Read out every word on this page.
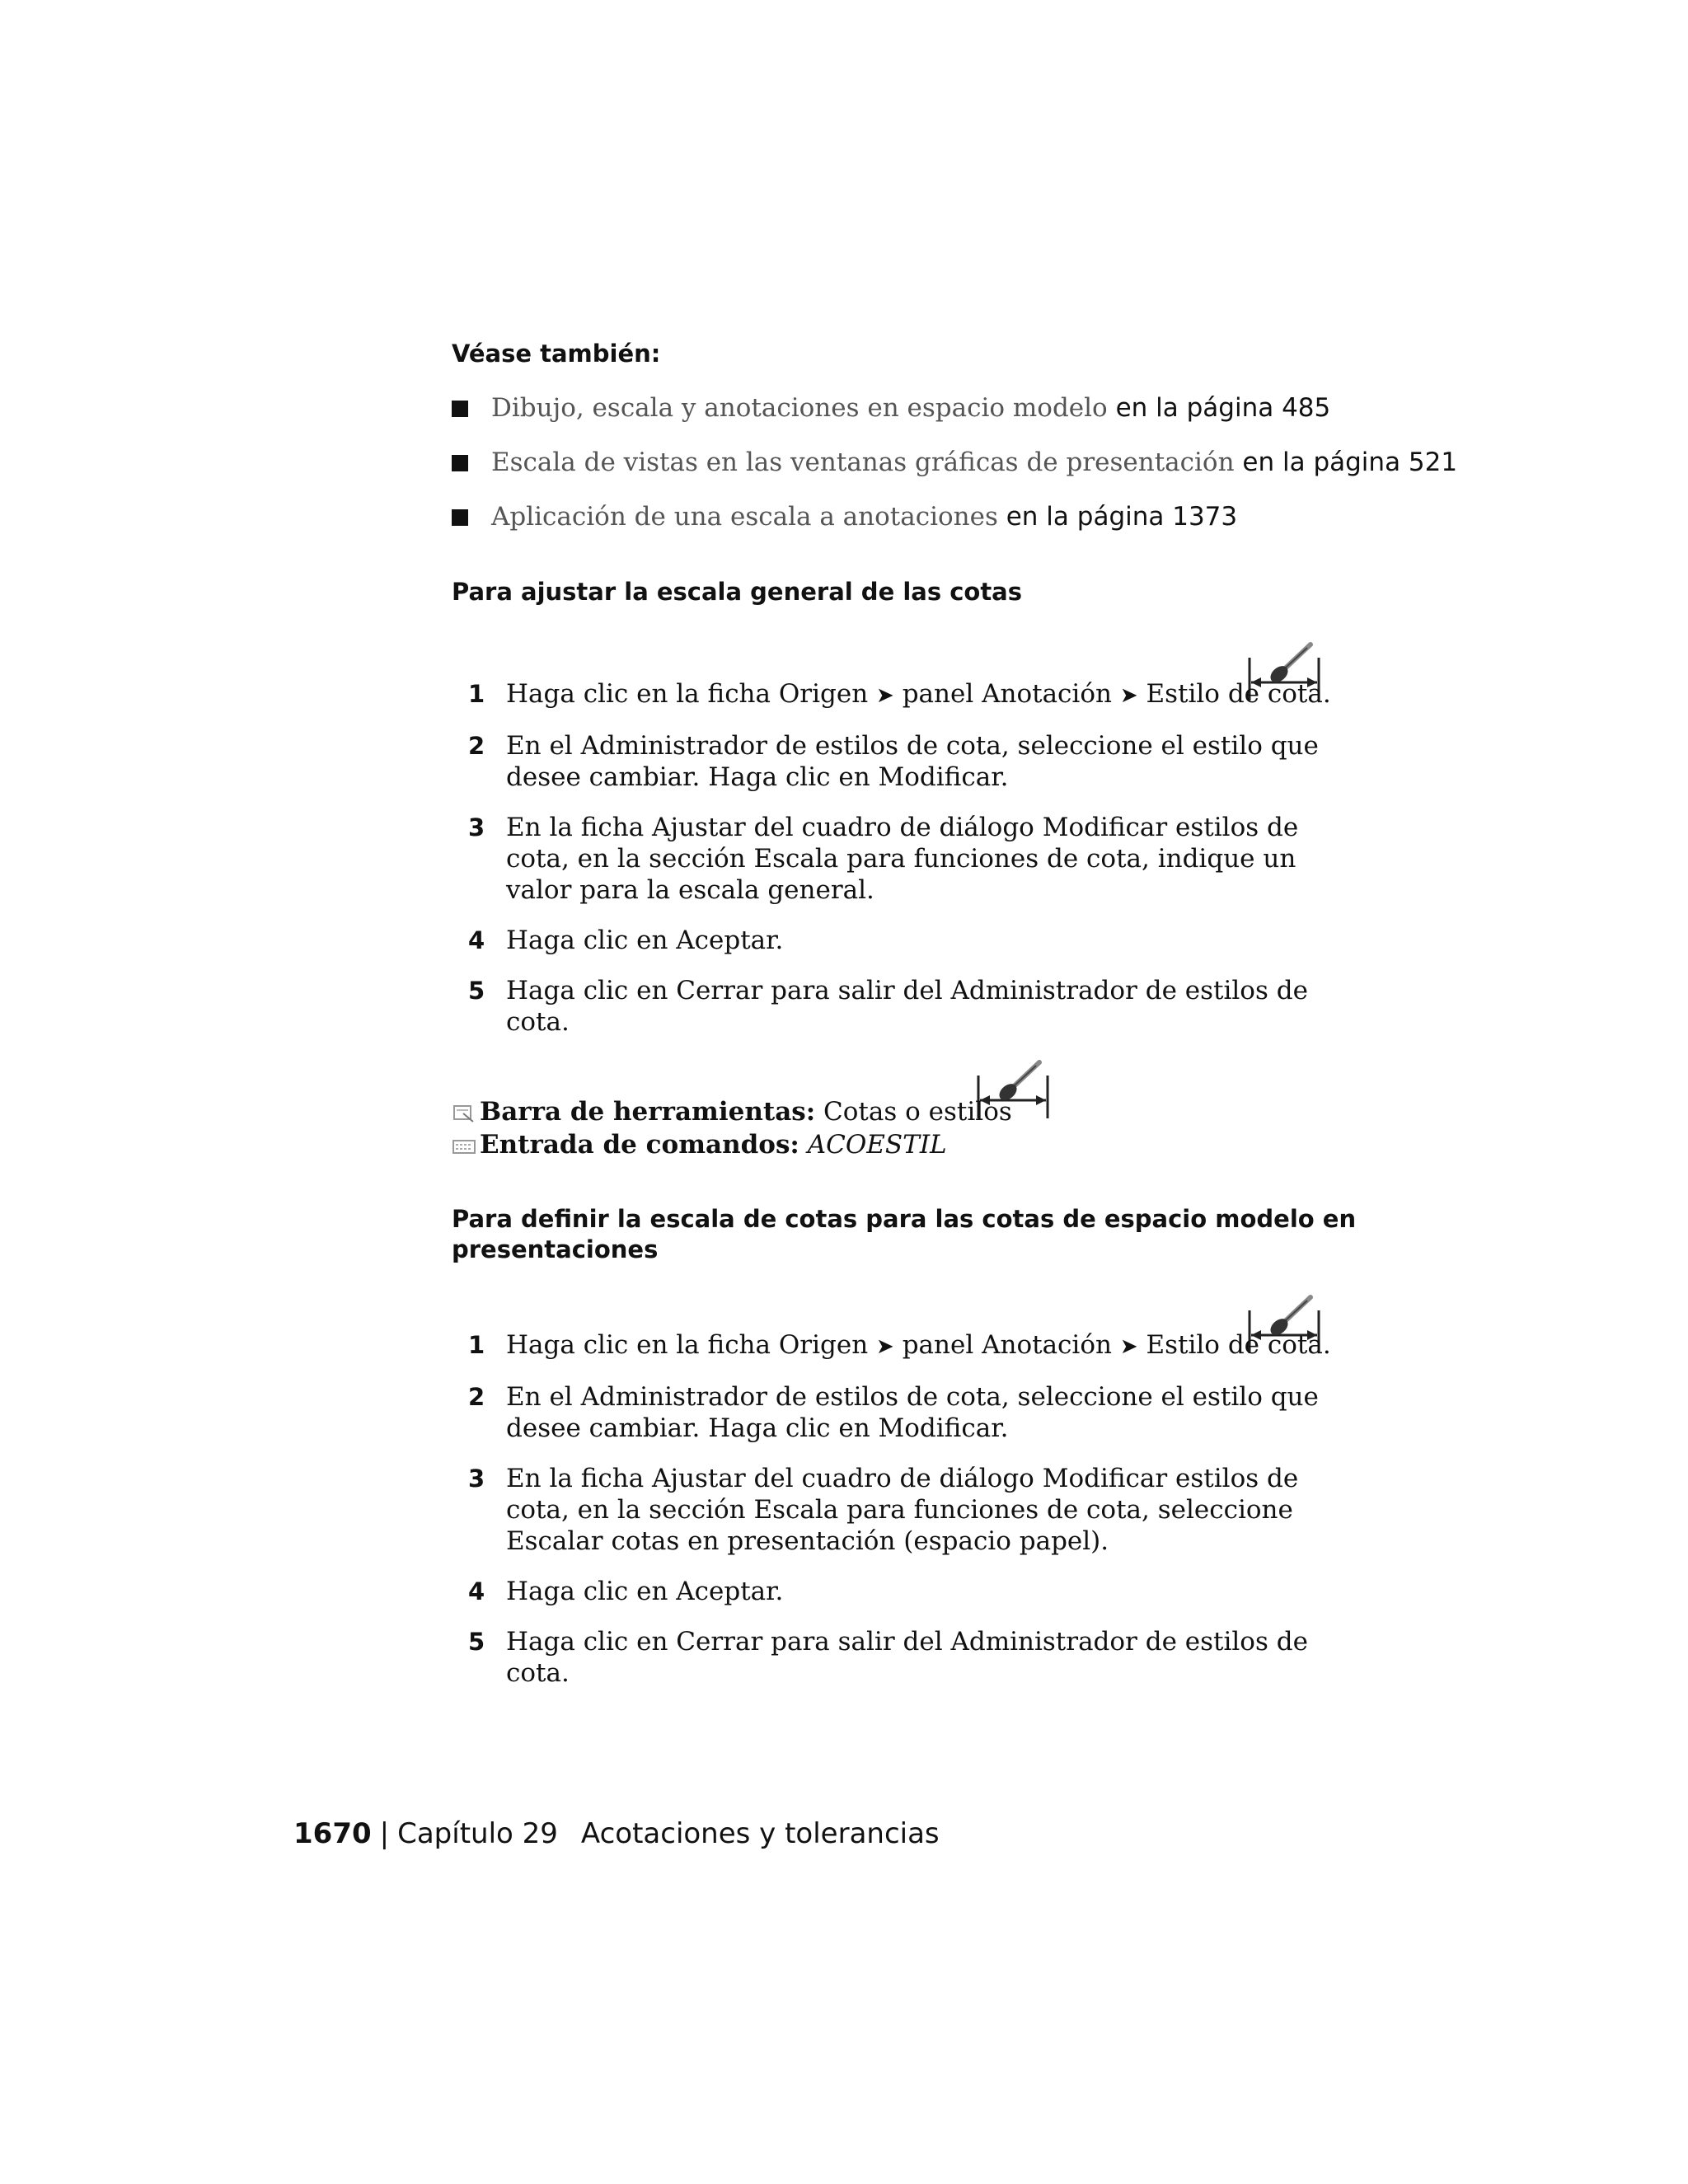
Véase también:
Dibujo, escala y anotaciones en espacio modelo en la página 485
Escala de vistas en las ventanas gráficas de presentación en la página 521
Aplicación de una escala a anotaciones en la página 1373
Para ajustar la escala general de las cotas
1 Haga clic en la ficha Origen ➤ panel Anotación ➤ Estilo de cota.
2 En el Administrador de estilos de cota, seleccione el estilo que desee cambiar. Haga clic en Modificar.
3 En la ficha Ajustar del cuadro de diálogo Modificar estilos de cota, en la sección Escala para funciones de cota, indique un valor para la escala general.
4 Haga clic en Aceptar.
5 Haga clic en Cerrar para salir del Administrador de estilos de cota.
Barra de herramientas: Cotas o estilos
Entrada de comandos: ACOESTIL
Para definir la escala de cotas para las cotas de espacio modelo en presentaciones
1 Haga clic en la ficha Origen ➤ panel Anotación ➤ Estilo de cota.
2 En el Administrador de estilos de cota, seleccione el estilo que desee cambiar. Haga clic en Modificar.
3 En la ficha Ajustar del cuadro de diálogo Modificar estilos de cota, en la sección Escala para funciones de cota, seleccione Escalar cotas en presentación (espacio papel).
4 Haga clic en Aceptar.
5 Haga clic en Cerrar para salir del Administrador de estilos de cota.
1670 | Capítulo 29 Acotaciones y tolerancias
